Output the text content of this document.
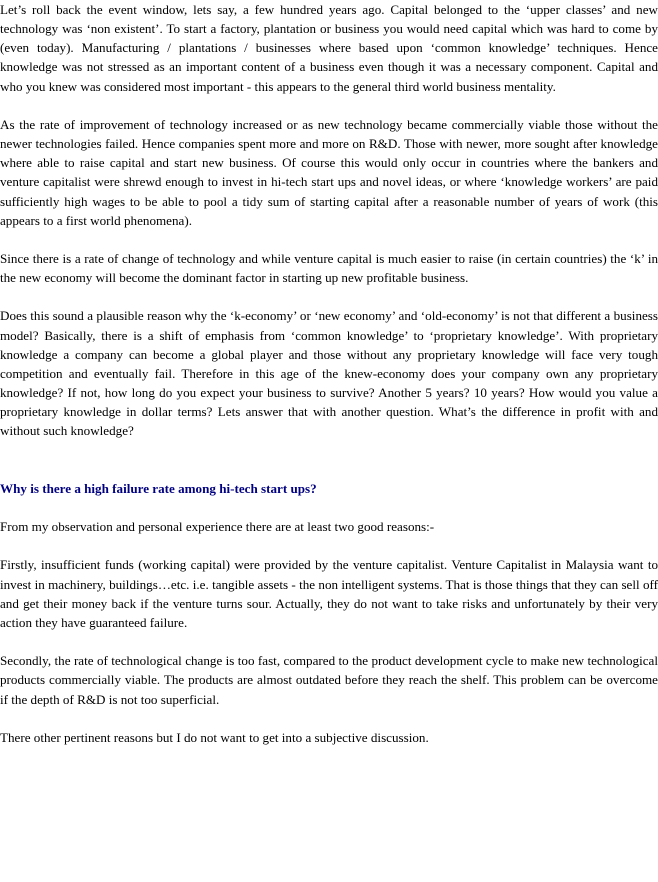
Let’s roll back the event window, lets say, a few hundred years ago. Capital belonged to the ‘upper classes’ and new technology was ‘non existent’. To start a factory, plantation or business you would need capital which was hard to come by (even today). Manufacturing / plantations / businesses where based upon ‘common knowledge’ techniques. Hence knowledge was not stressed as an important content of a business even though it was a necessary component. Capital and who you knew was considered most important - this appears to the general third world business mentality.

As the rate of improvement of technology increased or as new technology became commercially viable those without the newer technologies failed. Hence companies spent more and more on R&D. Those with newer, more sought after knowledge where able to raise capital and start new business. Of course this would only occur in countries where the bankers and venture capitalist were shrewd enough to invest in hi-tech start ups and novel ideas, or where ‘knowledge workers’ are paid sufficiently high wages to be able to pool a tidy sum of starting capital after a reasonable number of years of work (this appears to a first world phenomena).

Since there is a rate of change of technology and while venture capital is much easier to raise (in certain countries) the ‘k’ in the new economy will become the dominant factor in starting up new profitable business.

Does this sound a plausible reason why the ‘k-economy’ or ‘new economy’ and ‘old-economy’ is not that different a business model? Basically, there is a shift of emphasis from ‘common knowledge’ to ‘proprietary knowledge’. With proprietary knowledge a company can become a global player and those without any proprietary knowledge will face very tough competition and eventually fail. Therefore in this age of the knew-economy does your company own any proprietary knowledge? If not, how long do you expect your business to survive? Another 5 years? 10 years? How would you value a proprietary knowledge in dollar terms? Lets answer that with another question. What’s the difference in profit with and without such knowledge?

Why is there a high failure rate among hi-tech start ups?

From my observation and personal experience there are at least two good reasons:-

Firstly, insufficient funds (working capital) were provided by the venture capitalist. Venture Capitalist in Malaysia want to invest in machinery, buildings…etc. i.e. tangible assets - the non intelligent systems. That is those things that they can sell off and get their money back if the venture turns sour. Actually, they do not want to take risks and unfortunately by their very action they have guaranteed failure.

Secondly, the rate of technological change is too fast, compared to the product development cycle to make new technological products commercially viable. The products are almost outdated before they reach the shelf. This problem can be overcome if the depth of R&D is not too superficial.

There other pertinent reasons but I do not want to get into a subjective discussion.
